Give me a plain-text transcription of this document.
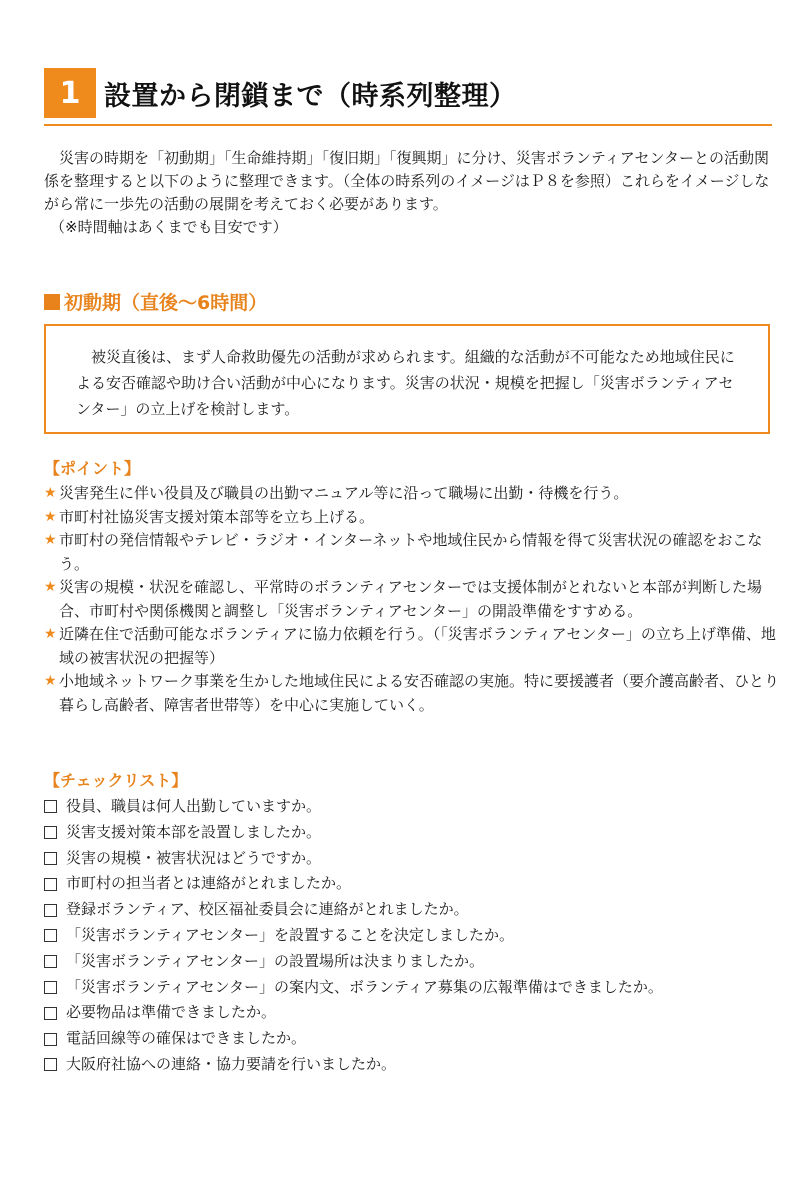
1 設置から閉鎖まで（時系列整理）

災害の時期を「初動期」「生命維持期」「復旧期」「復興期」に分け、災害ボランティアセンターとの活動関係を整理すると以下のように整理できます。（全体の時系列のイメージはＰ８を参照）これらをイメージしながら常に一歩先の活動の展開を考えておく必要があります。

（※時間軸はあくまでも目安です）

初動期（直後～6時間）

被災直後は、まず人命救助優先の活動が求められます。組織的な活動が不可能なため地域住民による安否確認や助け合い活動が中心になります。災害の状況・規模を把握し「災害ボランティアセンター」の立上げを検討します。

【ポイント】
★ 災害発生に伴い役員及び職員の出勤マニュアル等に沿って職場に出勤・待機を行う。
★ 市町村社協災害支援対策本部等を立ち上げる。
★ 市町村の発信情報やテレビ・ラジオ・インターネットや地域住民から情報を得て災害状況の確認をおこなう。
★ 災害の規模・状況を確認し、平常時のボランティアセンターでは支援体制がとれないと本部が判断した場合、市町村や関係機関と調整し「災害ボランティアセンター」の開設準備をすすめる。
★ 近隣在住で活動可能なボランティアに協力依頼を行う。（「災害ボランティアセンター」の立ち上げ準備、地域の被害状況の把握等）
★ 小地域ネットワーク事業を生かした地域住民による安否確認の実施。特に要援護者（要介護高齢者、ひとり暮らし高齢者、障害者世帯等）を中心に実施していく。
【チェックリスト】
役員、職員は何人出勤していますか。
災害支援対策本部を設置しましたか。
災害の規模・被害状況はどうですか。
市町村の担当者とは連絡がとれましたか。
登録ボランティア、校区福祉委員会に連絡がとれましたか。
「災害ボランティアセンター」を設置することを決定しましたか。
「災害ボランティアセンター」の設置場所は決まりましたか。
「災害ボランティアセンター」の案内文、ボランティア募集の広報準備はできましたか。
必要物品は準備できましたか。
電話回線等の確保はできましたか。
大阪府社協への連絡・協力要請を行いましたか。
